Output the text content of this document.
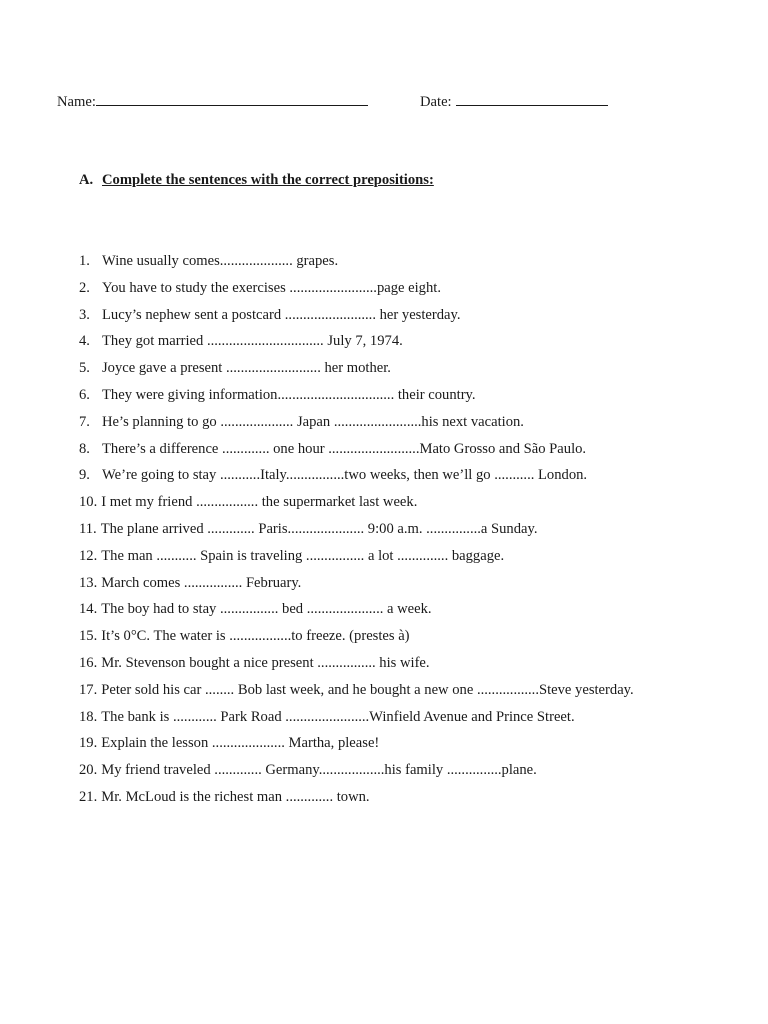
Name:	Date:
A. Complete the sentences with the correct prepositions:
1. Wine usually comes.................... grapes.
2. You have to study the exercises ........................page eight.
3. Lucy’s nephew sent a postcard ......................... her yesterday.
4. They got married ................................ July 7, 1974.
5. Joyce gave a present .......................... her mother.
6. They were giving information................................ their country.
7. He’s planning to go .................... Japan ........................his next vacation.
8. There’s a difference ............. one hour .........................Mato Grosso and São Paulo.
9. We’re going to stay ...........Italy................two weeks, then we’ll go ........... London.
10. I met my friend ................. the supermarket last week.
11. The plane arrived ............. Paris..................... 9:00 a.m. ...............a Sunday.
12. The man ........... Spain is traveling ................ a lot .............. baggage.
13. March comes ................ February.
14. The boy had to stay ................ bed ..................... a week.
15. It’s 0°C. The water is .................to freeze. (prestes à)
16. Mr. Stevenson bought a nice present ................ his wife.
17. Peter sold his car ........ Bob last week, and he bought a new one .................Steve yesterday.
18. The bank is ............ Park Road .......................Winfield Avenue and Prince Street.
19. Explain the lesson .................... Martha, please!
20. My friend traveled ............. Germany..................his family ...............plane.
21. Mr. McLoud is the richest man ............. town.
